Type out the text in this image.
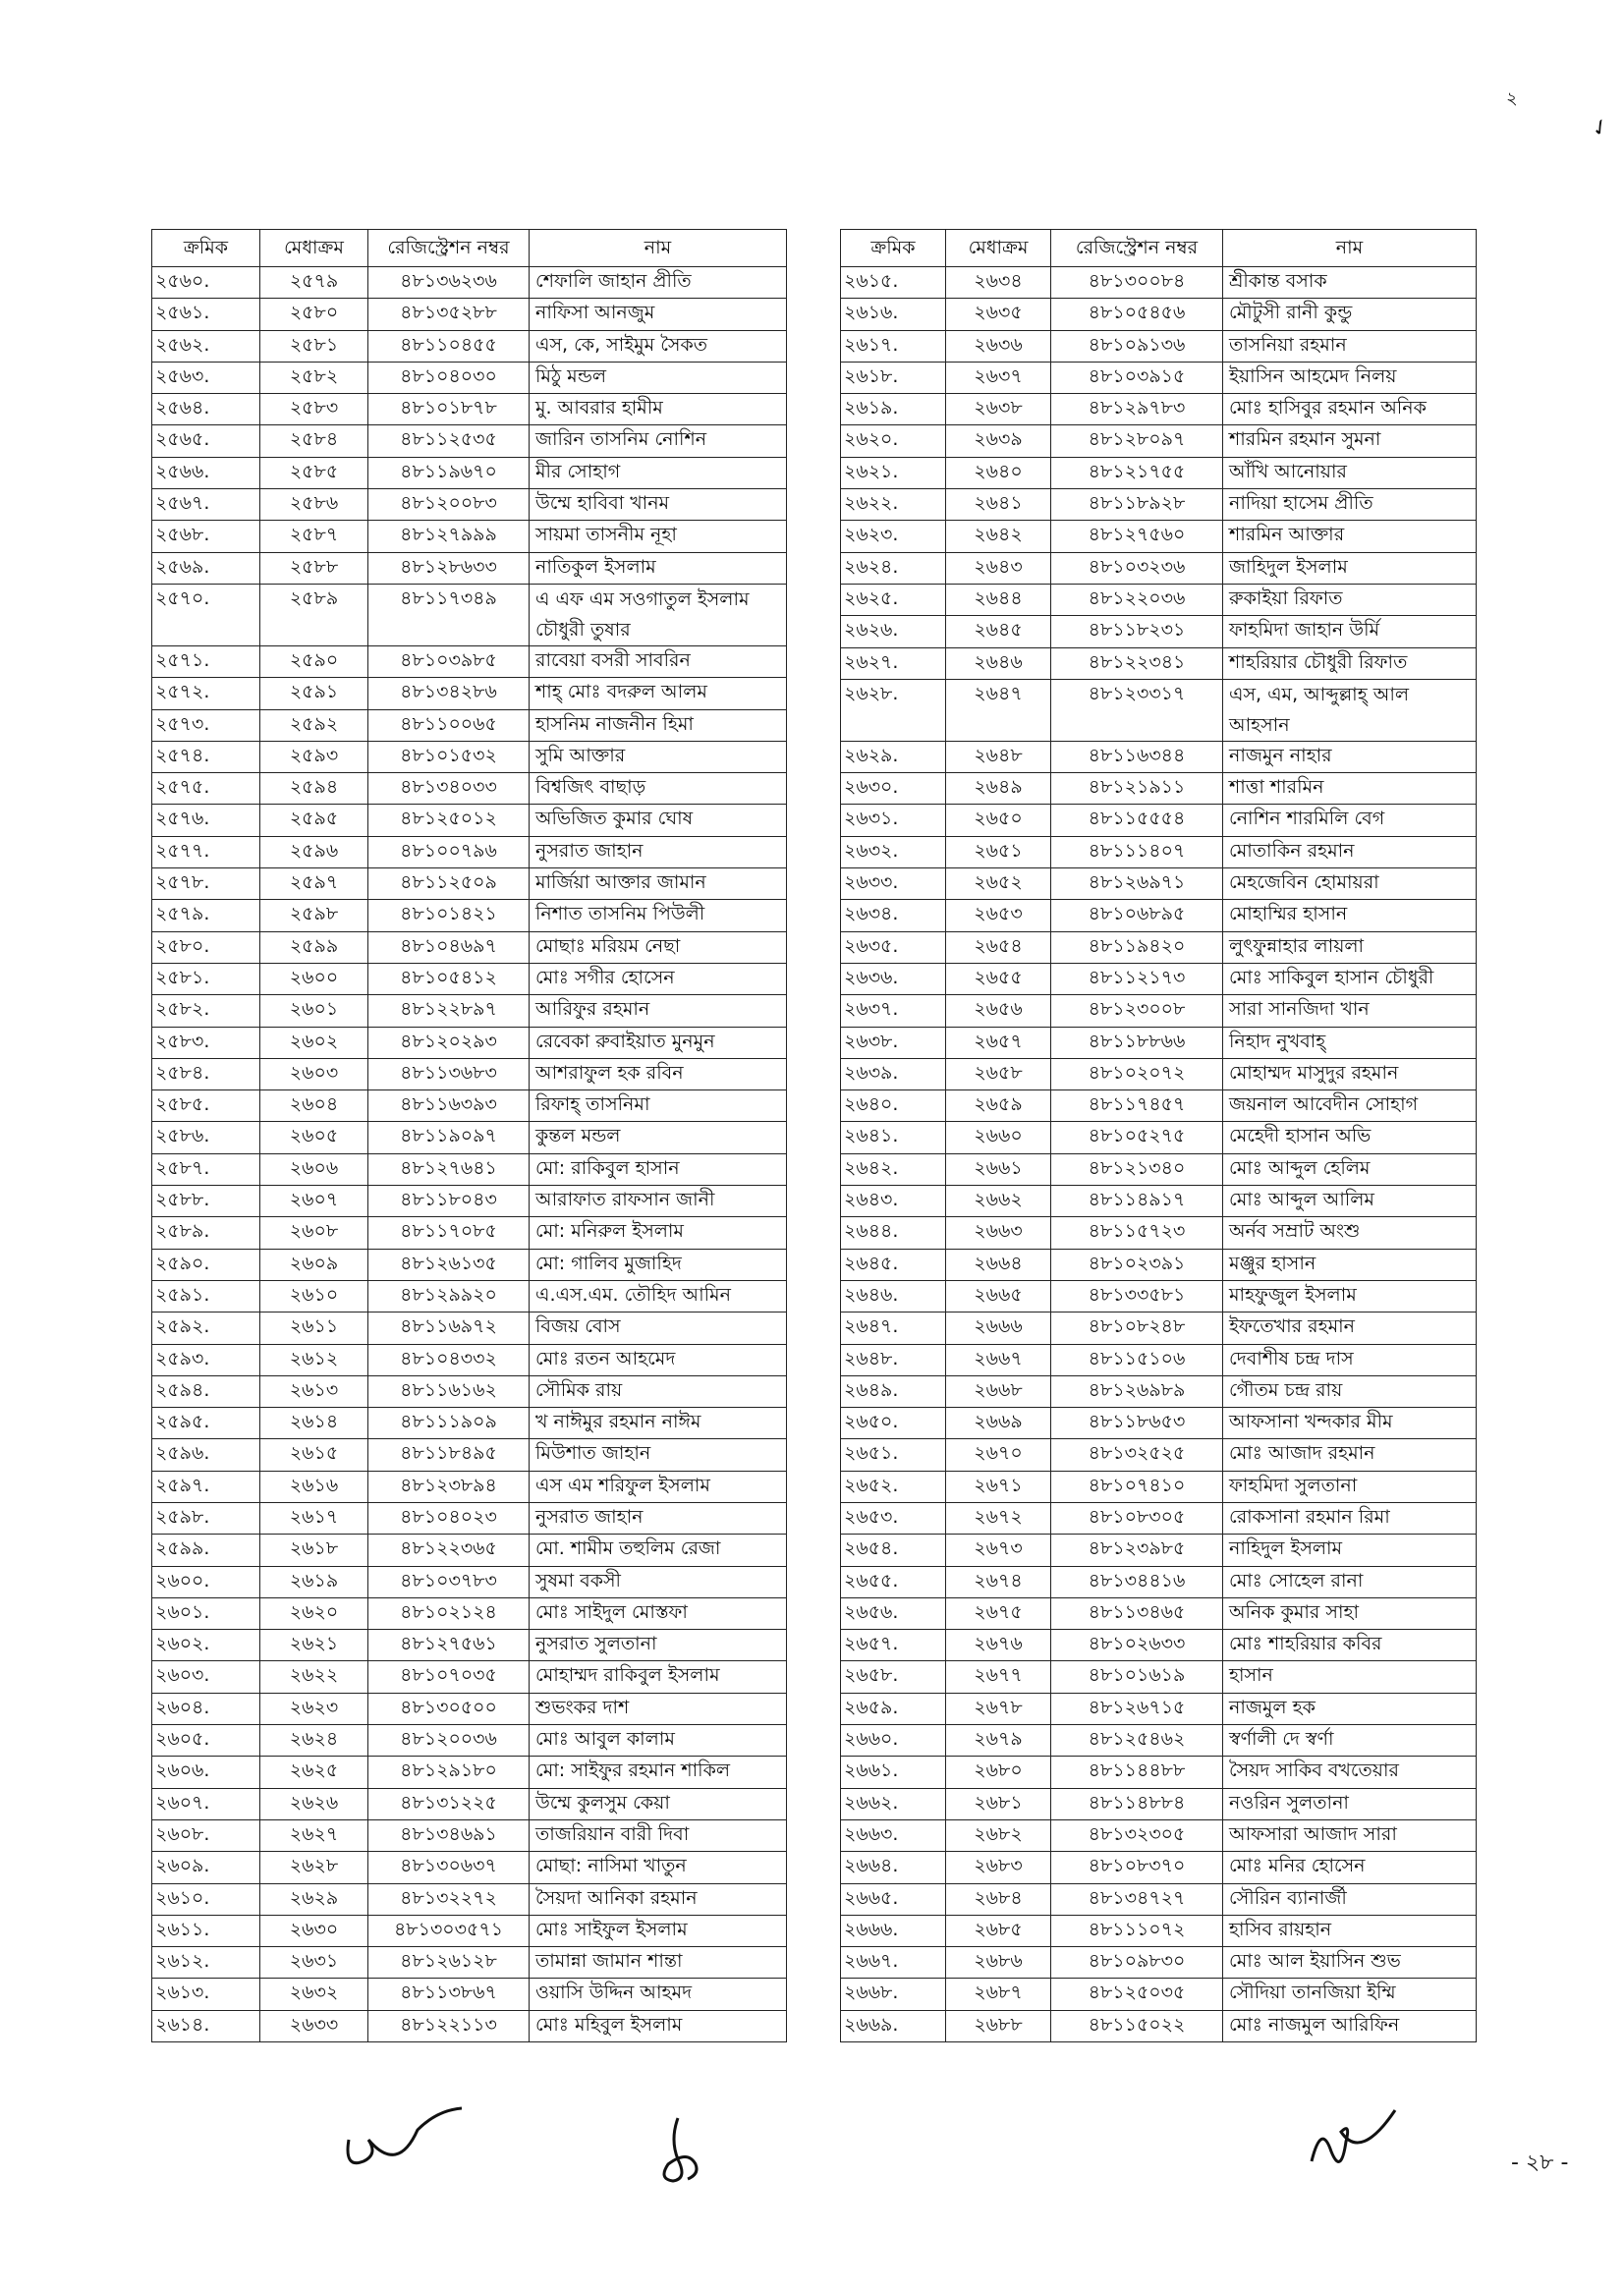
২
✓
ক্রমিক	মেধাক্রম	রেজিস্ট্রেশন নম্বর	নাম
২৫৬০.	২৫৭৯	৪৮১৩৬২৩৬	শেফালি জাহান প্রীতি
২৫৬১.	২৫৮০	৪৮১৩৫২৮৮	নাফিসা আনজুম
২৫৬২.	২৫৮১	৪৮১১০৪৫৫	এস, কে, সাইমুম সৈকত
২৫৬৩.	২৫৮২	৪৮১০৪০৩০	মিঠু মন্ডল
২৫৬৪.	২৫৮৩	৪৮১০১৮৭৮	মু. আবরার হামীম
২৫৬৫.	২৫৮৪	৪৮১১২৫৩৫	জারিন তাসনিম নোশিন
২৫৬৬.	২৫৮৫	৪৮১১৯৬৭০	মীর সোহাগ
২৫৬৭.	২৫৮৬	৪৮১২০০৮৩	উম্মে হাবিবা খানম
২৫৬৮.	২৫৮৭	৪৮১২৭৯৯৯	সায়মা তাসনীম নূহা
২৫৬৯.	২৫৮৮	৪৮১২৮৬৩৩	নাতিকুল ইসলাম
২৫৭০.	২৫৮৯	৪৮১১৭৩৪৯	এ এফ এম সওগাতুল ইসলাম চৌধুরী তুষার
২৫৭১.	২৫৯০	৪৮১০৩৯৮৫	রাবেয়া বসরী সাবরিন
২৫৭২.	২৫৯১	৪৮১৩৪২৮৬	শাহ্ মোঃ বদরুল আলম
২৫৭৩.	২৫৯২	৪৮১১০০৬৫	হাসনিম নাজনীন হিমা
২৫৭৪.	২৫৯৩	৪৮১০১৫৩২	সুমি আক্তার
২৫৭৫.	২৫৯৪	৪৮১৩৪০৩৩	বিশ্বজিৎ বাছাড়
২৫৭৬.	২৫৯৫	৪৮১২৫০১২	অভিজিত কুমার ঘোষ
২৫৭৭.	২৫৯৬	৪৮১০০৭৯৬	নুসরাত জাহান
২৫৭৮.	২৫৯৭	৪৮১১২৫০৯	মার্জিয়া আক্তার জামান
২৫৭৯.	২৫৯৮	৪৮১০১৪২১	নিশাত তাসনিম পিউলী
২৫৮০.	২৫৯৯	৪৮১০৪৬৯৭	মোছাঃ মরিয়ম নেছা
২৫৮১.	২৬০০	৪৮১০৫৪১২	মোঃ সগীর হোসেন
২৫৮২.	২৬০১	৪৮১২২৮৯৭	আরিফুর রহমান
২৫৮৩.	২৬০২	৪৮১২০২৯৩	রেবেকা রুবাইয়াত মুনমুন
২৫৮৪.	২৬০৩	৪৮১১৩৬৮৩	আশরাফুল হক রবিন
২৫৮৫.	২৬০৪	৪৮১১৬৩৯৩	রিফাহ্ তাসনিমা
২৫৮৬.	২৬০৫	৪৮১১৯০৯৭	কুন্তল মন্ডল
২৫৮৭.	২৬০৬	৪৮১২৭৬৪১	মো: রাকিবুল হাসান
২৫৮৮.	২৬০৭	৪৮১১৮০৪৩	আরাফাত রাফসান জানী
২৫৮৯.	২৬০৮	৪৮১১৭০৮৫	মো: মনিরুল ইসলাম
২৫৯০.	২৬০৯	৪৮১২৬১৩৫	মো: গালিব মুজাহিদ
২৫৯১.	২৬১০	৪৮১২৯৯২০	এ.এস.এম. তৌহিদ আমিন
২৫৯২.	২৬১১	৪৮১১৬৯৭২	বিজয় বোস
২৫৯৩.	২৬১২	৪৮১০৪৩৩২	মোঃ রতন আহমেদ
২৫৯৪.	২৬১৩	৪৮১১৬১৬২	সৌমিক রায়
২৫৯৫.	২৬১৪	৪৮১১১৯০৯	খ নাঈমুর রহমান নাঈম
২৫৯৬.	২৬১৫	৪৮১১৮৪৯৫	মিউশাত জাহান
২৫৯৭.	২৬১৬	৪৮১২৩৮৯৪	এস এম শরিফুল ইসলাম
২৫৯৮.	২৬১৭	৪৮১০৪০২৩	নুসরাত জাহান
২৫৯৯.	২৬১৮	৪৮১২২৩৬৫	মো. শামীম তহুলিম রেজা
২৬০০.	২৬১৯	৪৮১০৩৭৮৩	সুষমা বকসী
২৬০১.	২৬২০	৪৮১০২১২৪	মোঃ সাইদুল মোস্তফা
২৬০২.	২৬২১	৪৮১২৭৫৬১	নুসরাত সুলতানা
২৬০৩.	২৬২২	৪৮১০৭০৩৫	মোহাম্মদ রাকিবুল ইসলাম
২৬০৪.	২৬২৩	৪৮১৩০৫০০	শুভংকর দাশ
২৬০৫.	২৬২৪	৪৮১২০০৩৬	মোঃ আবুল কালাম
২৬০৬.	২৬২৫	৪৮১২৯১৮০	মো: সাইফুর রহমান শাকিল
২৬০৭.	২৬২৬	৪৮১৩১২২৫	উম্মে কুলসুম কেয়া
২৬০৮.	২৬২৭	৪৮১৩৪৬৯১	তাজরিয়ান বারী দিবা
২৬০৯.	২৬২৮	৪৮১৩০৬৩৭	মোছা: নাসিমা খাতুন
২৬১০.	২৬২৯	৪৮১৩২২৭২	সৈয়দা আনিকা রহমান
২৬১১.	২৬৩০	৪৮১৩০৩৫৭১	মোঃ সাইফুল ইসলাম
২৬১২.	২৬৩১	৪৮১২৬১২৮	তামান্না জামান শান্তা
২৬১৩.	২৬৩২	৪৮১১৩৮৬৭	ওয়াসি উদ্দিন আহমদ
২৬১৪.	২৬৩৩	৪৮১২২১১৩	মোঃ মহিবুল ইসলাম
ক্রমিক	মেধাক্রম	রেজিস্ট্রেশন নম্বর	নাম
২৬১৫.	২৬৩৪	৪৮১৩০০৮৪	শ্রীকান্ত বসাক
২৬১৬.	২৬৩৫	৪৮১০৫৪৫৬	মৌটুসী রানী কুন্ডু
২৬১৭.	২৬৩৬	৪৮১০৯১৩৬	তাসনিয়া রহমান
২৬১৮.	২৬৩৭	৪৮১০৩৯১৫	ইয়াসিন আহমেদ নিলয়
২৬১৯.	২৬৩৮	৪৮১২৯৭৮৩	মোঃ হাসিবুর রহমান অনিক
২৬২০.	২৬৩৯	৪৮১২৮০৯৭	শারমিন রহমান সুমনা
২৬২১.	২৬৪০	৪৮১২১৭৫৫	আঁখি আনোয়ার
২৬২২.	২৬৪১	৪৮১১৮৯২৮	নাদিয়া হাসেম প্রীতি
২৬২৩.	২৬৪২	৪৮১২৭৫৬০	শারমিন আক্তার
২৬২৪.	২৬৪৩	৪৮১০৩২৩৬	জাহিদুল ইসলাম
২৬২৫.	২৬৪৪	৪৮১২২০৩৬	রুকাইয়া রিফাত
২৬২৬.	২৬৪৫	৪৮১১৮২৩১	ফাহমিদা জাহান উর্মি
২৬২৭.	২৬৪৬	৪৮১২২৩৪১	শাহরিয়ার চৌধুরী রিফাত
২৬২৮.	২৬৪৭	৪৮১২৩৩১৭	এস, এম, আব্দুল্লাহ্ আল আহসান
২৬২৯.	২৬৪৮	৪৮১১৬৩৪৪	নাজমুন নাহার
২৬৩০.	২৬৪৯	৪৮১২১৯১১	শাত্তা শারমিন
২৬৩১.	২৬৫০	৪৮১১৫৫৫৪	নোশিন শারমিলি বেগ
২৬৩২.	২৬৫১	৪৮১১১৪০৭	মোতাকিন রহমান
২৬৩৩.	২৬৫২	৪৮১২৬৯৭১	মেহজেবিন হোমায়রা
২৬৩৪.	২৬৫৩	৪৮১০৬৮৯৫	মোহাম্মির হাসান
২৬৩৫.	২৬৫৪	৪৮১১৯৪২০	লুৎফুন্নাহার লায়লা
২৬৩৬.	২৬৫৫	৪৮১১২১৭৩	মোঃ সাকিবুল হাসান চৌধুরী
২৬৩৭.	২৬৫৬	৪৮১২৩০০৮	সারা সানজিদা খান
২৬৩৮.	২৬৫৭	৪৮১১৮৮৬৬	নিহাদ নুখবাহ্
২৬৩৯.	২৬৫৮	৪৮১০২০৭২	মোহাম্মদ মাসুদুর রহমান
২৬৪০.	২৬৫৯	৪৮১১৭৪৫৭	জয়নাল আবেদীন সোহাগ
২৬৪১.	২৬৬০	৪৮১০৫২৭৫	মেহেদী হাসান অভি
২৬৪২.	২৬৬১	৪৮১২১৩৪০	মোঃ আব্দুল হেলিম
২৬৪৩.	২৬৬২	৪৮১১৪৯১৭	মোঃ আব্দুল আলিম
২৬৪৪.	২৬৬৩	৪৮১১৫৭২৩	অর্নব সম্রাট অংশু
২৬৪৫.	২৬৬৪	৪৮১০২৩৯১	মঞ্জুর হাসান
২৬৪৬.	২৬৬৫	৪৮১৩৩৫৮১	মাহফুজুল ইসলাম
২৬৪৭.	২৬৬৬	৪৮১০৮২৪৮	ইফতেখার রহমান
২৬৪৮.	২৬৬৭	৪৮১১৫১০৬	দেবাশীষ চন্দ্র দাস
২৬৪৯.	২৬৬৮	৪৮১২৬৯৮৯	গৌতম চন্দ্র রায়
২৬৫০.	২৬৬৯	৪৮১১৮৬৫৩	আফসানা খন্দকার মীম
২৬৫১.	২৬৭০	৪৮১৩২৫২৫	মোঃ আজাদ রহমান
২৬৫২.	২৬৭১	৪৮১০৭৪১০	ফাহমিদা সুলতানা
২৬৫৩.	২৬৭২	৪৮১০৮৩০৫	রোকসানা রহমান রিমা
২৬৫৪.	২৬৭৩	৪৮১২৩৯৮৫	নাহিদুল ইসলাম
২৬৫৫.	২৬৭৪	৪৮১৩৪৪১৬	মোঃ সোহেল রানা
২৬৫৬.	২৬৭৫	৪৮১১৩৪৬৫	অনিক কুমার সাহা
২৬৫৭.	২৬৭৬	৪৮১০২৬৩৩	মোঃ শাহরিয়ার কবির
২৬৫৮.	২৬৭৭	৪৮১০১৬১৯	হাসান
২৬৫৯.	২৬৭৮	৪৮১২৬৭১৫	নাজমুল হক
২৬৬০.	২৬৭৯	৪৮১২৫৪৬২	স্বর্ণালী দে স্বর্ণা
২৬৬১.	২৬৮০	৪৮১১৪৪৮৮	সৈয়দ সাকিব বখতেয়ার
২৬৬২.	২৬৮১	৪৮১১৪৮৮৪	নওরিন সুলতানা
২৬৬৩.	২৬৮২	৪৮১৩২৩০৫	আফসারা আজাদ সারা
২৬৬৪.	২৬৮৩	৪৮১০৮৩৭০	মোঃ মনির হোসেন
২৬৬৫.	২৬৮৪	৪৮১৩৪৭২৭	সৌরিন ব্যানার্জী
২৬৬৬.	২৬৮৫	৪৮১১১০৭২	হাসিব রায়হান
২৬৬৭.	২৬৮৬	৪৮১০৯৮৩০	মোঃ আল ইয়াসিন শুভ
২৬৬৮.	২৬৮৭	৪৮১২৫০৩৫	সৌদিয়া তানজিয়া ইম্মি
২৬৬৯.	২৬৮৮	৪৮১১৫০২২	মোঃ নাজমুল আরিফিন
- ২৮ -
